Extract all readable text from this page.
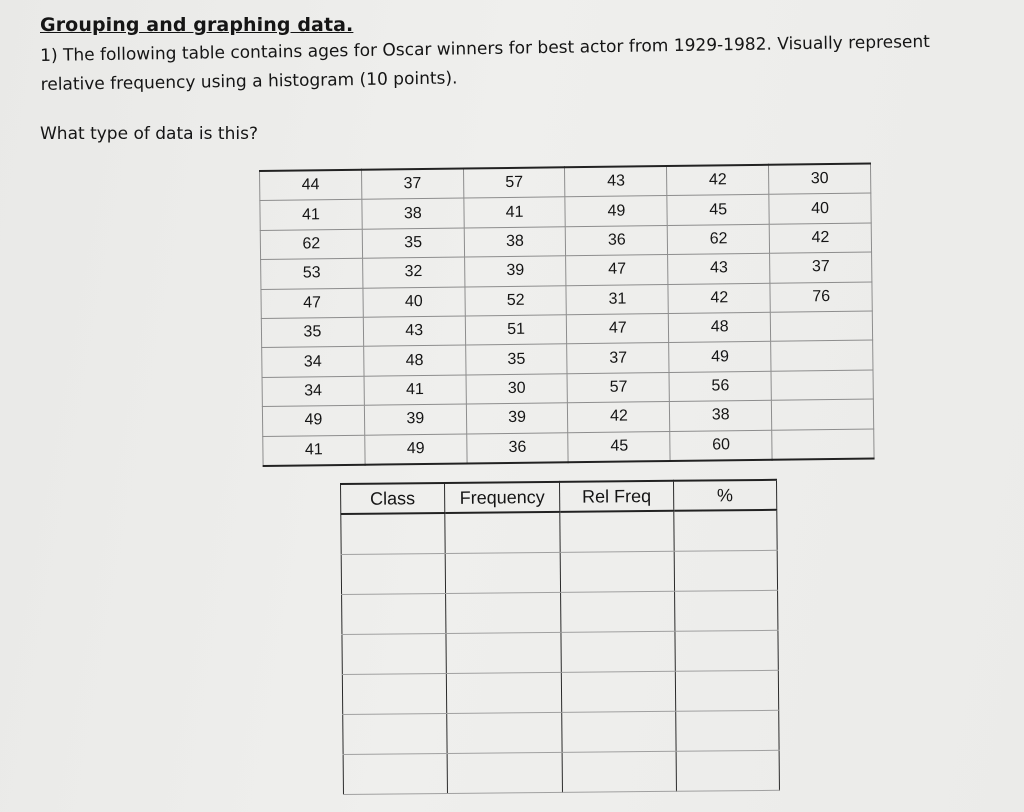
Grouping and graphing data.
1) The following table contains ages for Oscar winners for best actor from 1929-1982. Visually represent
relative frequency using a histogram (10 points).
What type of data is this?
44	37	57	43	42	30
41	38	41	49	45	40
62	35	38	36	62	42
53	32	39	47	43	37
47	40	52	31	42	76
35	43	51	47	48	
34	48	35	37	49	
34	41	30	57	56	
49	39	39	42	38	
41	49	36	45	60	
Class	Frequency	Rel Freq	%
